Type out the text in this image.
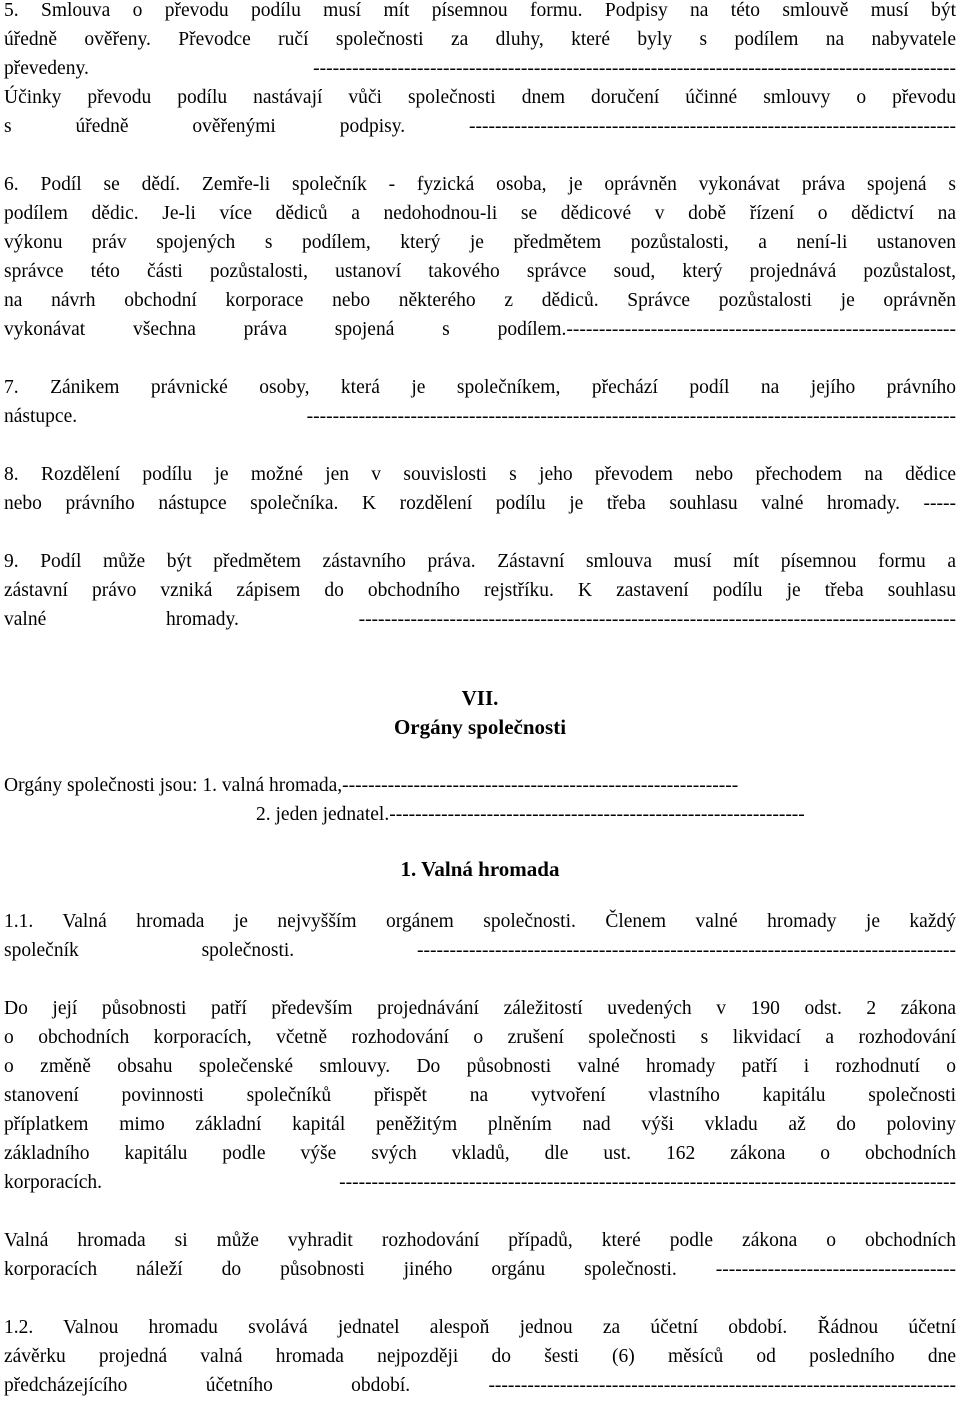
5. Smlouva o převodu podílu musí mít písemnou formu. Podpisy na této smlouvě musí být

úředně ověřeny. Převodce ručí společnosti za dluhy, které byly s podílem na nabyvatele

převedeny. ---------------------------------------------------------------------------------------------------

Účinky převodu podílu nastávají vůči společnosti dnem doručení účinné smlouvy o převodu

s úředně ověřenými podpisy. ---------------------------------------------------------------------------

6. Podíl se dědí. Zemře-li společník - fyzická osoba, je oprávněn vykonávat práva spojená s

podílem dědic. Je-li více dědiců a nedohodnou-li se dědicové v době řízení o dědictví na

výkonu práv spojených s podílem, který je předmětem pozůstalosti, a není-li ustanoven

správce této části pozůstalosti, ustanoví takového správce soud, který projednává pozůstalost,

na návrh obchodní korporace nebo některého z dědiců. Správce pozůstalosti je oprávněn

vykonávat všechna práva spojená s podílem.------------------------------------------------------------

7. Zánikem právnické osoby, která je společníkem, přechází podíl na jejího právního

nástupce. ----------------------------------------------------------------------------------------------------

8. Rozdělení podílu je možné jen v souvislosti s jeho převodem nebo přechodem na dědice

nebo právního nástupce společníka. K rozdělení podílu je třeba souhlasu valné hromady. -----

9. Podíl může být předmětem zástavního práva. Zástavní smlouva musí mít písemnou formu a

zástavní právo vzniká zápisem do obchodního rejstříku. K zastavení podílu je třeba souhlasu

valné hromady. --------------------------------------------------------------------------------------------

VII.

Orgány společnosti

Orgány společnosti jsou: 1. valná hromada, -------------------------------------------------------------
2. jeden jednatel. ----------------------------------------------------------------

1. Valná hromada

1.1. Valná hromada je nejvyšším orgánem společnosti. Členem valné hromady je každý

společník společnosti. -----------------------------------------------------------------------------------

Do její působnosti patří především projednávání záležitostí uvedených v 190 odst. 2 zákona

o obchodních korporacích, včetně rozhodování o zrušení společnosti s likvidací a rozhodování

o změně obsahu společenské smlouvy. Do působnosti valné hromady patří i rozhodnutí o

stanovení povinnosti společníků přispět na vytvoření vlastního kapitálu společnosti

příplatkem mimo základní kapitál peněžitým plněním nad výši vkladu až do poloviny

základního kapitálu podle výše svých vkladů, dle ust. 162 zákona o obchodních

korporacích. -----------------------------------------------------------------------------------------------

Valná hromada si může vyhradit rozhodování případů, které podle zákona o obchodních

korporacích náleží do působnosti jiného orgánu společnosti. -------------------------------------

1.2. Valnou hromadu svolává jednatel alespoň jednou za účetní období. Řádnou účetní

závěrku projedná valná hromada nejpozději do šesti (6) měsíců od posledního dne

předcházejícího účetního období. ------------------------------------------------------------------------
